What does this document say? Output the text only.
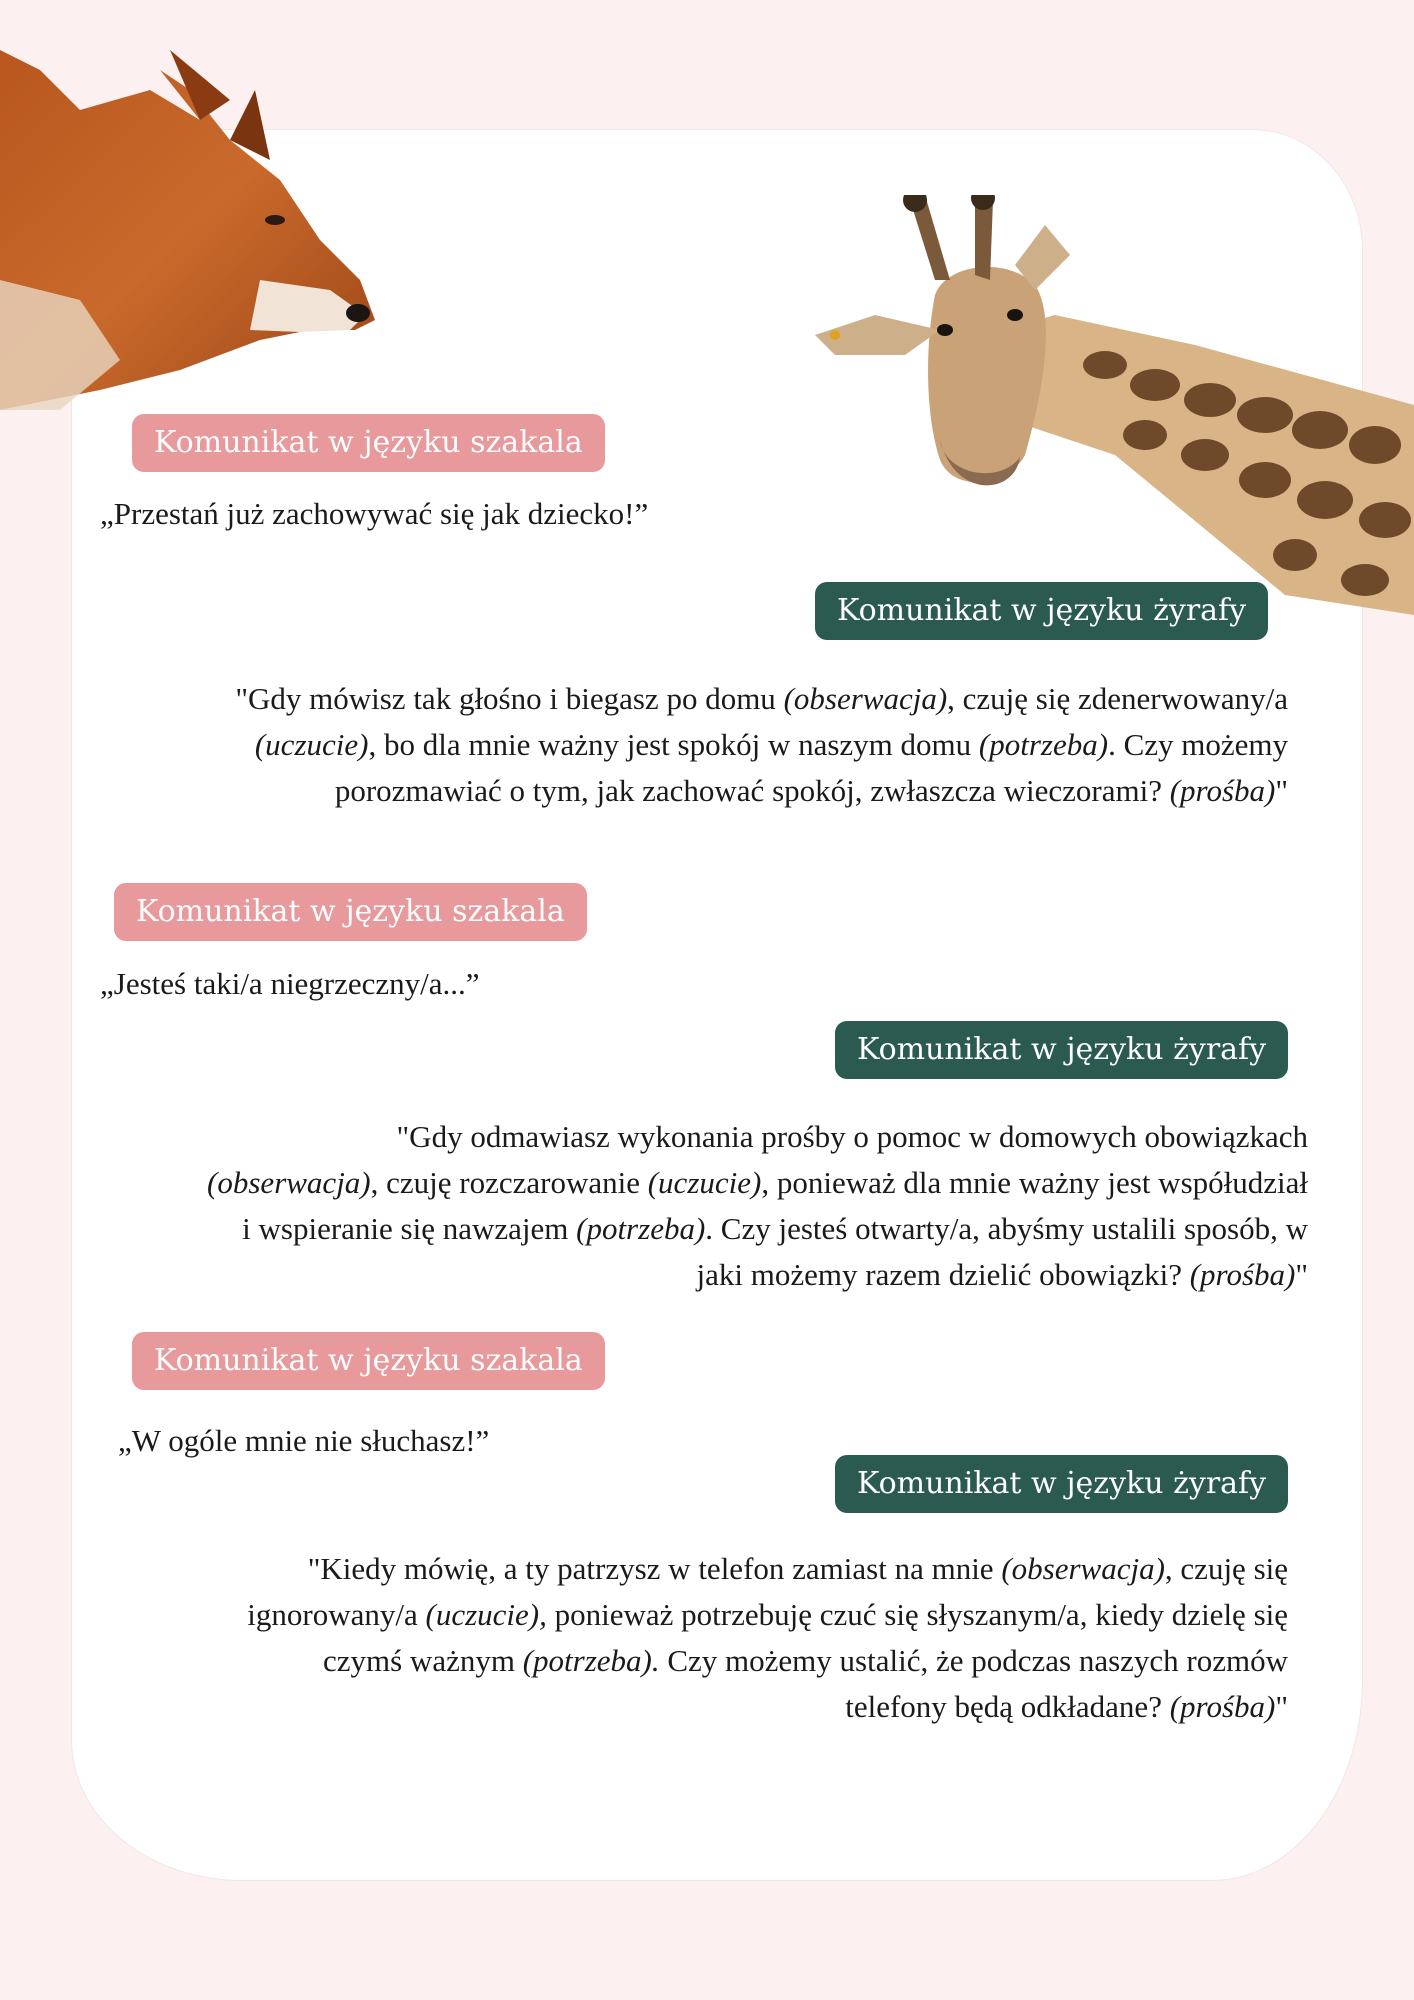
Komunikat w języku szakala
„Przestań już zachowywać się jak dziecko!”
Komunikat w języku żyrafy
"Gdy mówisz tak głośno i biegasz po domu (obserwacja), czuję się zdenerwowany/a
(uczucie), bo dla mnie ważny jest spokój w naszym domu (potrzeba). Czy możemy
porozmawiać o tym, jak zachować spokój, zwłaszcza wieczorami? (prośba)"
Komunikat w języku szakala
„Jesteś taki/a niegrzeczny/a...”
Komunikat w języku żyrafy
"Gdy odmawiasz wykonania prośby o pomoc w domowych obowiązkach
(obserwacja), czuję rozczarowanie (uczucie), ponieważ dla mnie ważny jest współudział
i wspieranie się nawzajem (potrzeba). Czy jesteś otwarty/a, abyśmy ustalili sposób, w
jaki możemy razem dzielić obowiązki? (prośba)"
Komunikat w języku szakala
„W ogóle mnie nie słuchasz!”
Komunikat w języku żyrafy
"Kiedy mówię, a ty patrzysz w telefon zamiast na mnie (obserwacja), czuję się
ignorowany/a (uczucie), ponieważ potrzebuję czuć się słyszanym/a, kiedy dzielę się
czymś ważnym (potrzeba). Czy możemy ustalić, że podczas naszych rozmów
telefony będą odkładane? (prośba)"
